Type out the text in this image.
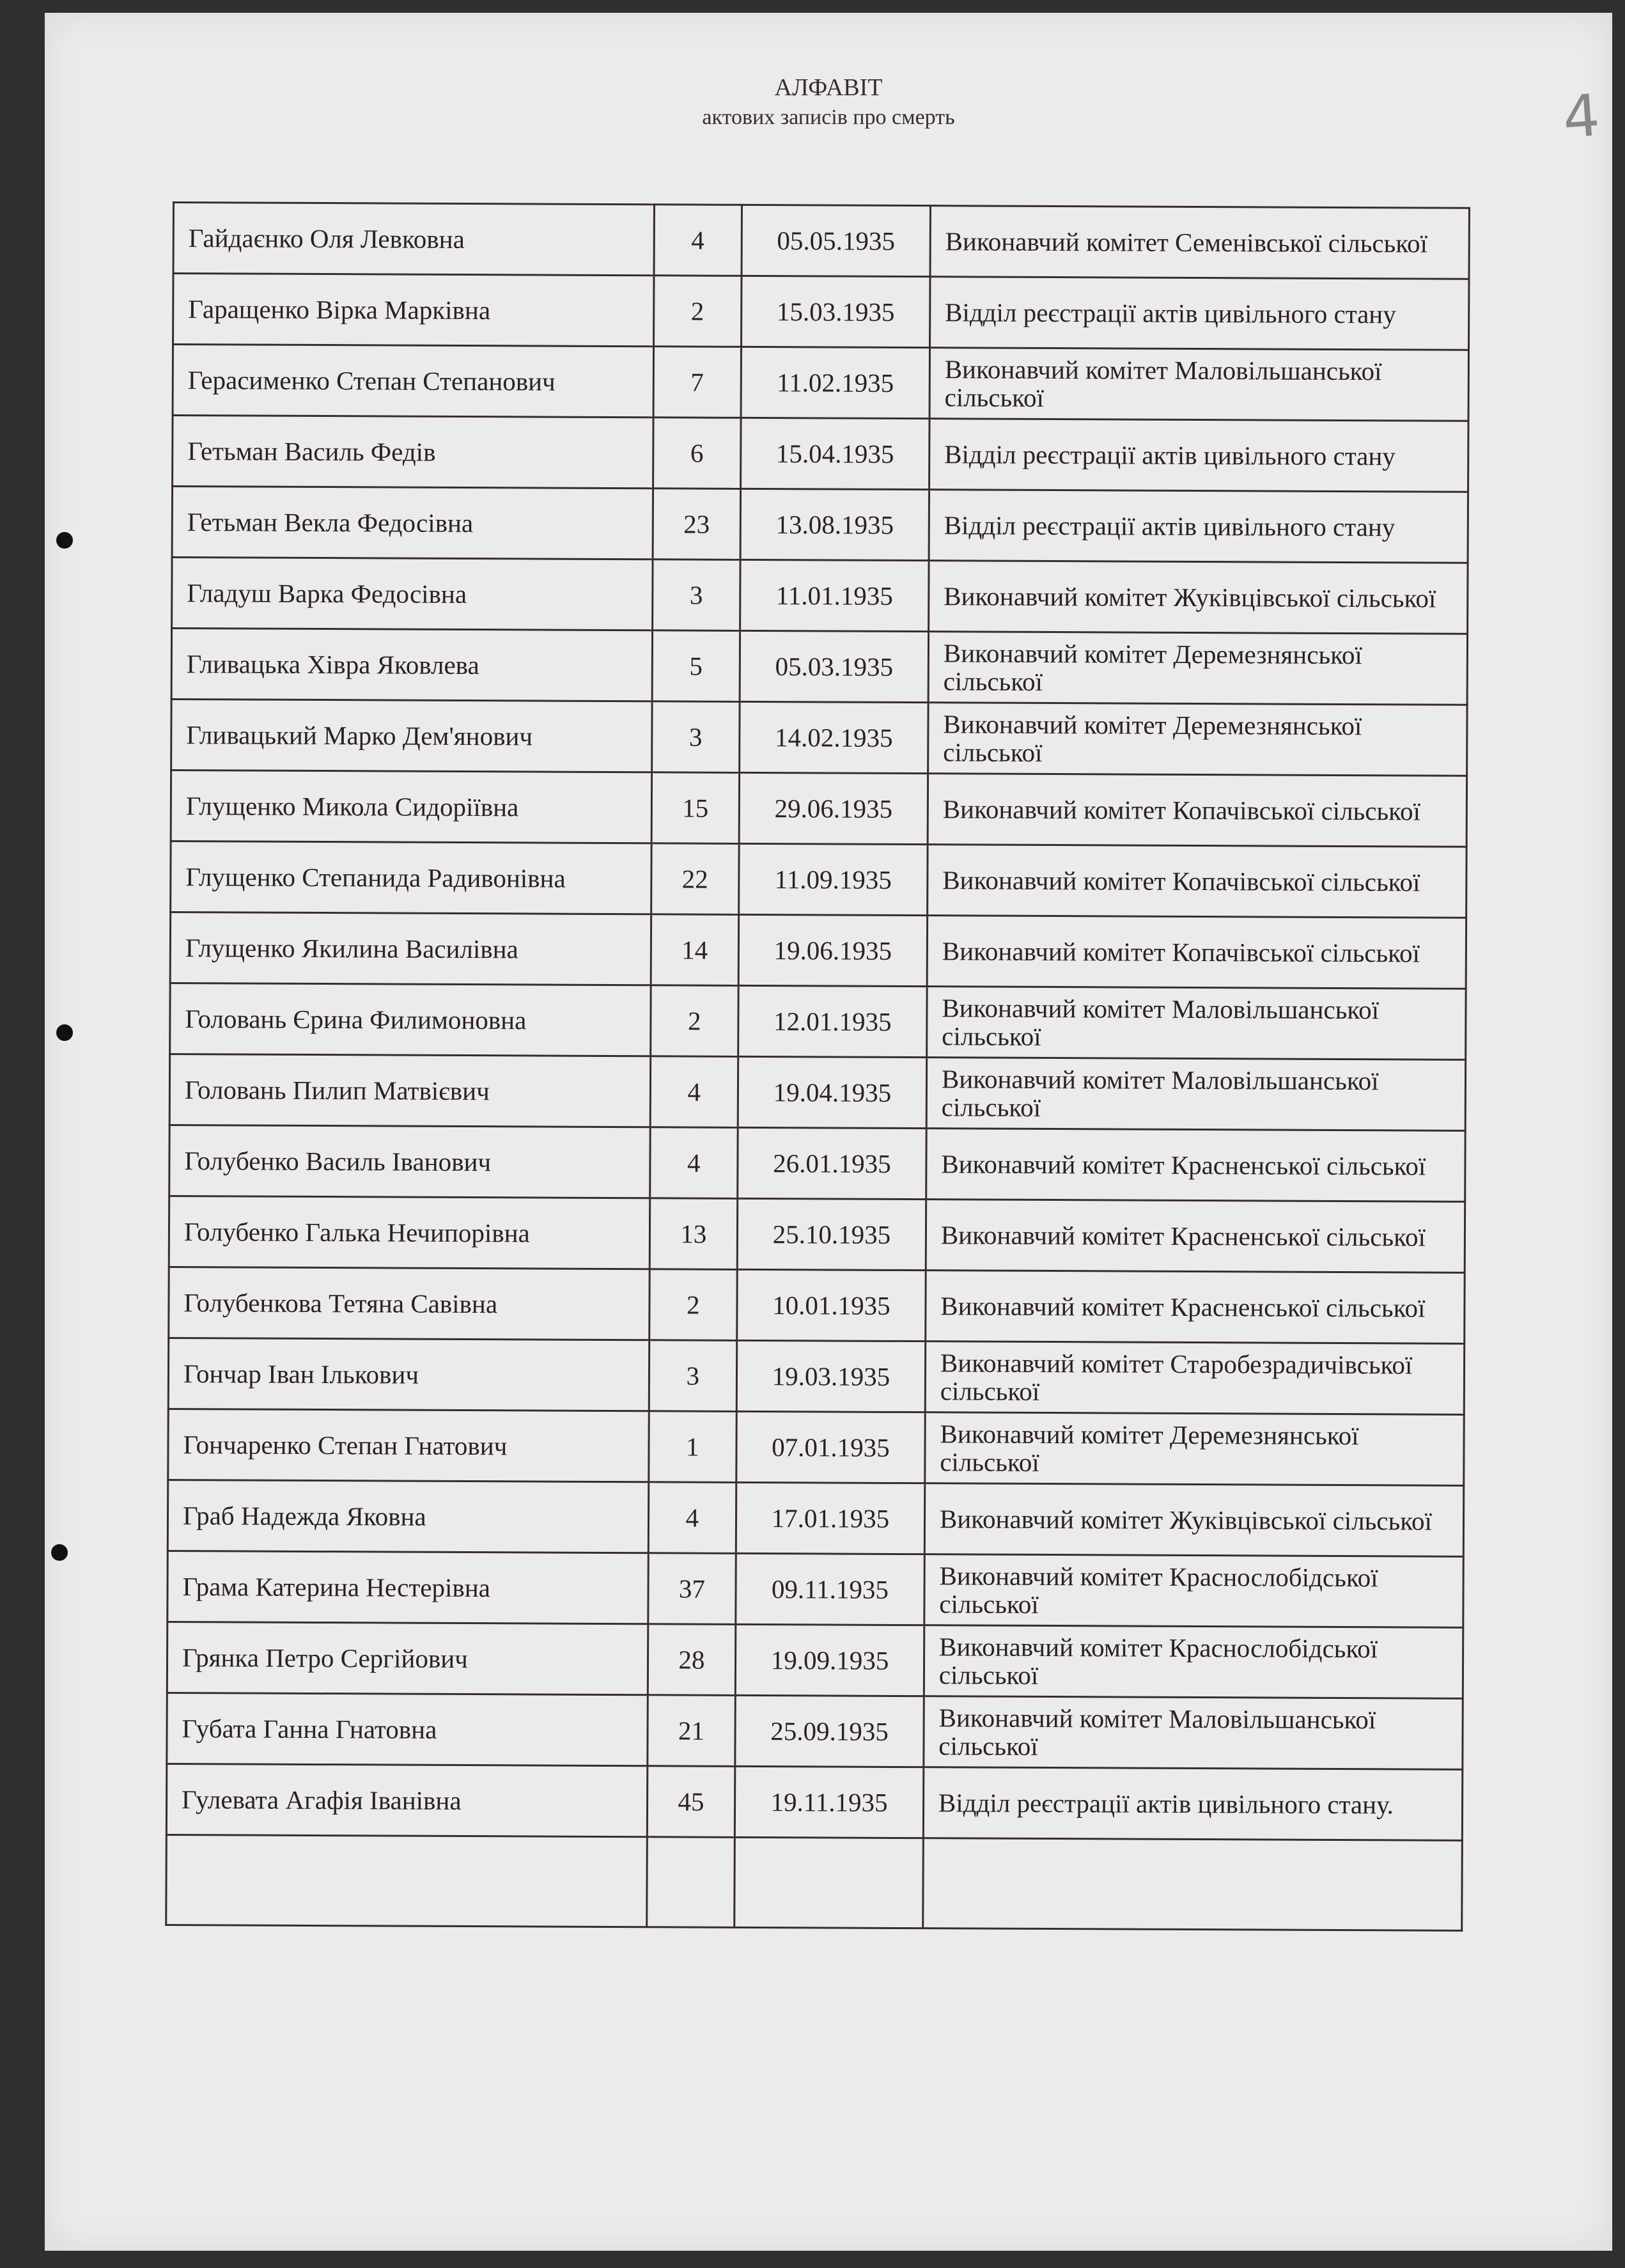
4
АЛФАВІТ
актових записів про смерть
Гайдаєнко Оля Левковна	4	05.05.1935	Виконавчий комітет Семенівської сільської
Гаращенко Вірка Марківна	2	15.03.1935	Відділ реєстрації актів цивільного стану
Герасименко Степан Степанович	7	11.02.1935	Виконавчий комітет Маловільшанської сільської
Гетьман Василь Федів	6	15.04.1935	Відділ реєстрації актів цивільного стану
Гетьман Векла Федосівна	23	13.08.1935	Відділ реєстрації актів цивільного стану
Гладуш Варка Федосівна	3	11.01.1935	Виконавчий комітет Жуківцівської сільської
Гливацька Хівра Яковлева	5	05.03.1935	Виконавчий комітет Деремезнянської сільської
Гливацький Марко Дем'янович	3	14.02.1935	Виконавчий комітет Деремезнянської сільської
Глущенко Микола Сидоріївна	15	29.06.1935	Виконавчий комітет Копачівської сільської
Глущенко Степанида Радивонівна	22	11.09.1935	Виконавчий комітет Копачівської сільської
Глущенко Якилина Василівна	14	19.06.1935	Виконавчий комітет Копачівської сільської
Головань Єрина Филимоновна	2	12.01.1935	Виконавчий комітет Маловільшанської сільської
Головань Пилип Матвієвич	4	19.04.1935	Виконавчий комітет Маловільшанської сільської
Голубенко Василь Іванович	4	26.01.1935	Виконавчий комітет Красненської сільської
Голубенко Галька Нечипорівна	13	25.10.1935	Виконавчий комітет Красненської сільської
Голубенкова Тетяна Савівна	2	10.01.1935	Виконавчий комітет Красненської сільської
Гончар Іван Ількович	3	19.03.1935	Виконавчий комітет Старобезрадичівської сільської
Гончаренко Степан Гнатович	1	07.01.1935	Виконавчий комітет Деремезнянської сільської
Граб Надежда Яковна	4	17.01.1935	Виконавчий комітет Жуківцівської сільської
Грама Катерина Нестерівна	37	09.11.1935	Виконавчий комітет Краснослобідської сільської
Грянка Петро Сергійович	28	19.09.1935	Виконавчий комітет Краснослобідської сільської
Губата Ганна Гнатовна	21	25.09.1935	Виконавчий комітет Маловільшанської сільської
Гулевата Агафія Іванівна	45	19.11.1935	Відділ реєстрації актів цивільного стану.
